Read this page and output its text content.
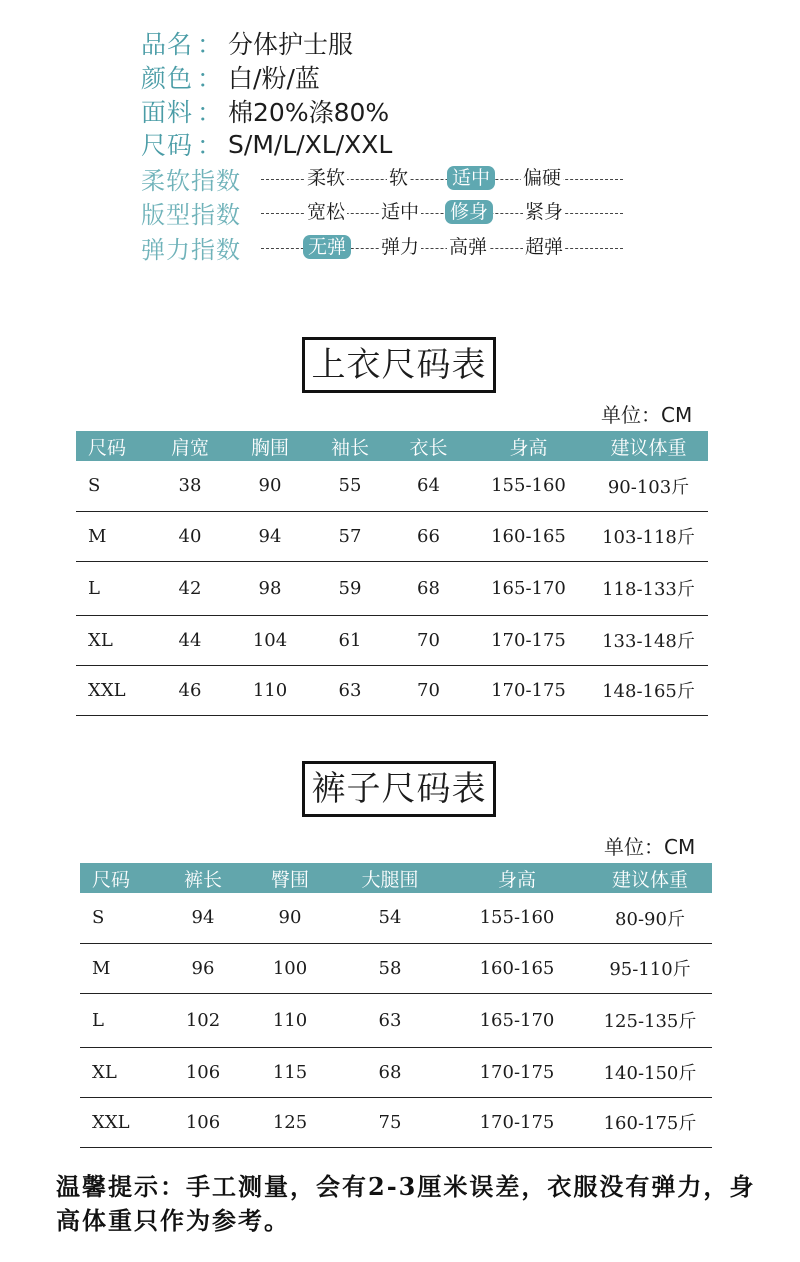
品名 ： 分体护士服
颜色 ： 白/粉/蓝
面料 ： 棉20%涤80%
尺码 ： S/M/L/XL/XXL
柔软指数	柔软 软 适中 偏硬
版型指数	宽松 适中 修身 紧身
弹力指数	无弹 弹力 高弹 超弹
上衣尺码表
单位：CM
尺码	肩宽	胸围	袖长	衣长	身高	建议体重
S	38	90	55	64	155-160	90-103斤
M	40	94	57	66	160-165	103-118斤
L	42	98	59	68	165-170	118-133斤
XL	44	104	61	70	170-175	133-148斤
XXL	46	110	63	70	170-175	148-165斤
裤子尺码表
单位：CM
尺码	裤长	臀围	大腿围	身高	建议体重
S	94	90	54	155-160	80-90斤
M	96	100	58	160-165	95-110斤
L	102	110	63	165-170	125-135斤
XL	106	115	68	170-175	140-150斤
XXL	106	125	75	170-175	160-175斤
温馨提示：手工测量，会有2-3厘米误差，衣服没有弹力，身高体重只作为参考。
